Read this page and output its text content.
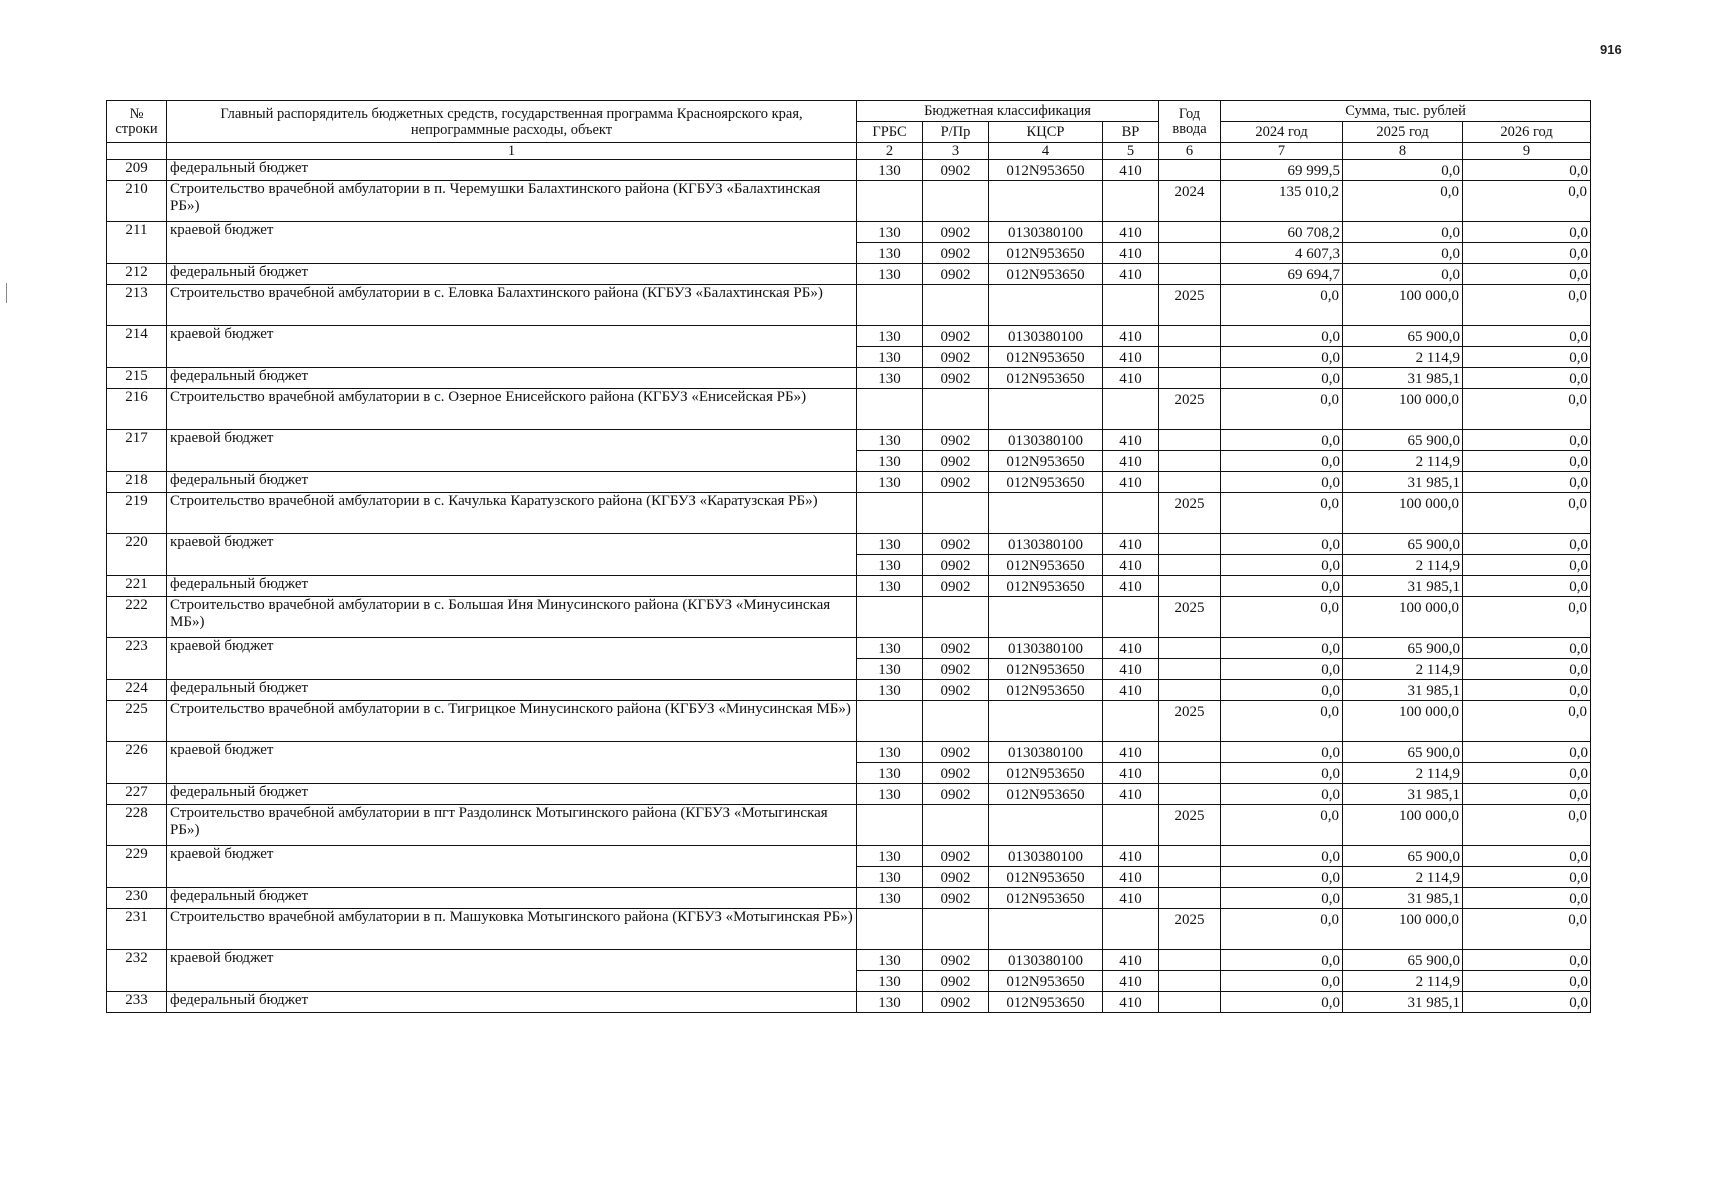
916
№ строки	Главный распорядитель бюджетных средств, государственная программа Красноярского края, непрограммные расходы, объект	Бюджетная классификация				Год ввода	Сумма, тыс. рублей		
		ГРБС	Р/Пр	КЦСР	ВР		2024 год	2025 год	2026 год
	1	2	3	4	5	6	7	8	9
209	федеральный бюджет	130	0902	012N953650	410		69 999,5	0,0	0,0
210	Строительство врачебной амбулатории в п. Черемушки Балахтинского района (КГБУЗ «Балахтинская РБ»)					2024	135 010,2	0,0	0,0
211	краевой бюджет	130	0902	0130380100	410		60 708,2	0,0	0,0
		130	0902	012N953650	410		4 607,3	0,0	0,0
212	федеральный бюджет	130	0902	012N953650	410		69 694,7	0,0	0,0
213	Строительство врачебной амбулатории в с. Еловка Балахтинского района (КГБУЗ «Балахтинская РБ»)					2025	0,0	100 000,0	0,0
214	краевой бюджет	130	0902	0130380100	410		0,0	65 900,0	0,0
		130	0902	012N953650	410		0,0	2 114,9	0,0
215	федеральный бюджет	130	0902	012N953650	410		0,0	31 985,1	0,0
216	Строительство врачебной амбулатории в с. Озерное Енисейского района (КГБУЗ «Енисейская РБ»)					2025	0,0	100 000,0	0,0
217	краевой бюджет	130	0902	0130380100	410		0,0	65 900,0	0,0
		130	0902	012N953650	410		0,0	2 114,9	0,0
218	федеральный бюджет	130	0902	012N953650	410		0,0	31 985,1	0,0
219	Строительство врачебной амбулатории в с. Качулька Каратузского района (КГБУЗ «Каратузская РБ»)					2025	0,0	100 000,0	0,0
220	краевой бюджет	130	0902	0130380100	410		0,0	65 900,0	0,0
		130	0902	012N953650	410		0,0	2 114,9	0,0
221	федеральный бюджет	130	0902	012N953650	410		0,0	31 985,1	0,0
222	Строительство врачебной амбулатории в с. Большая Иня Минусинского района (КГБУЗ «Минусинская МБ»)					2025	0,0	100 000,0	0,0
223	краевой бюджет	130	0902	0130380100	410		0,0	65 900,0	0,0
		130	0902	012N953650	410		0,0	2 114,9	0,0
224	федеральный бюджет	130	0902	012N953650	410		0,0	31 985,1	0,0
225	Строительство врачебной амбулатории в с. Тигрицкое Минусинского района (КГБУЗ «Минусинская МБ»)					2025	0,0	100 000,0	0,0
226	краевой бюджет	130	0902	0130380100	410		0,0	65 900,0	0,0
		130	0902	012N953650	410		0,0	2 114,9	0,0
227	федеральный бюджет	130	0902	012N953650	410		0,0	31 985,1	0,0
228	Строительство врачебной амбулатории в пгт Раздолинск Мотыгинского района (КГБУЗ «Мотыгинская РБ»)					2025	0,0	100 000,0	0,0
229	краевой бюджет	130	0902	0130380100	410		0,0	65 900,0	0,0
		130	0902	012N953650	410		0,0	2 114,9	0,0
230	федеральный бюджет	130	0902	012N953650	410		0,0	31 985,1	0,0
231	Строительство врачебной амбулатории в п. Машуковка Мотыгинского района (КГБУЗ «Мотыгинская РБ»)					2025	0,0	100 000,0	0,0
232	краевой бюджет	130	0902	0130380100	410		0,0	65 900,0	0,0
		130	0902	012N953650	410		0,0	2 114,9	0,0
233	федеральный бюджет	130	0902	012N953650	410		0,0	31 985,1	0,0
